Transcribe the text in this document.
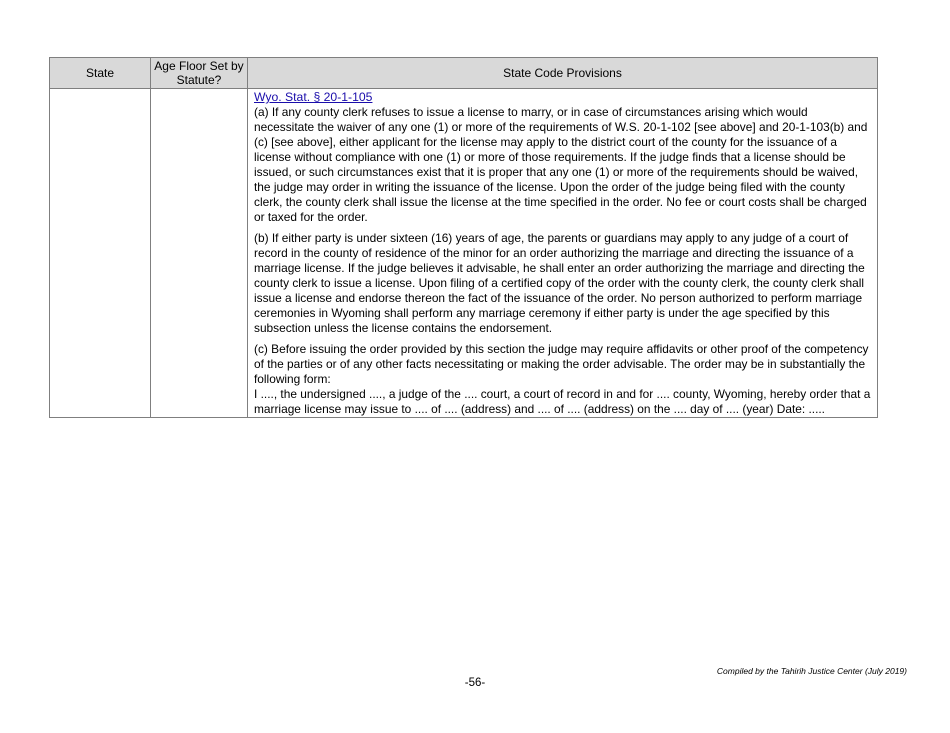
State	Age Floor Set by Statute?	State Code Provisions

		Wyo. Stat. § 20-1-105

(a) If any county clerk refuses to issue a license to marry, or in case of circumstances arising which would necessitate the waiver of any one (1) or more of the requirements of W.S. 20-1-102 [see above] and 20-1-103(b) and (c) [see above], either applicant for the license may apply to the district court of the county for the issuance of a license without compliance with one (1) or more of those requirements. If the judge finds that a license should be issued, or such circumstances exist that it is proper that any one (1) or more of the requirements should be waived, the judge may order in writing the issuance of the license. Upon the order of the judge being filed with the county clerk, the county clerk shall issue the license at the time specified in the order. No fee or court costs shall be charged or taxed for the order.

(b) If either party is under sixteen (16) years of age, the parents or guardians may apply to any judge of a court of record in the county of residence of the minor for an order authorizing the marriage and directing the issuance of a marriage license. If the judge believes it advisable, he shall enter an order authorizing the marriage and directing the county clerk to issue a license. Upon filing of a certified copy of the order with the county clerk, the county clerk shall issue a license and endorse thereon the fact of the issuance of the order. No person authorized to perform marriage ceremonies in Wyoming shall perform any marriage ceremony if either party is under the age specified by this subsection unless the license contains the endorsement.

(c) Before issuing the order provided by this section the judge may require affidavits or other proof of the competency of the parties or of any other facts necessitating or making the order advisable. The order may be in substantially the following form:
I ...., the undersigned ...., a judge of the .... court, a court of record in and for .... county, Wyoming, hereby order that a marriage license may issue to .... of .... (address) and .... of .... (address) on the .... day of .... (year) Date: .....

Compiled by the Tahirih Justice Center (July 2019)
-56-
